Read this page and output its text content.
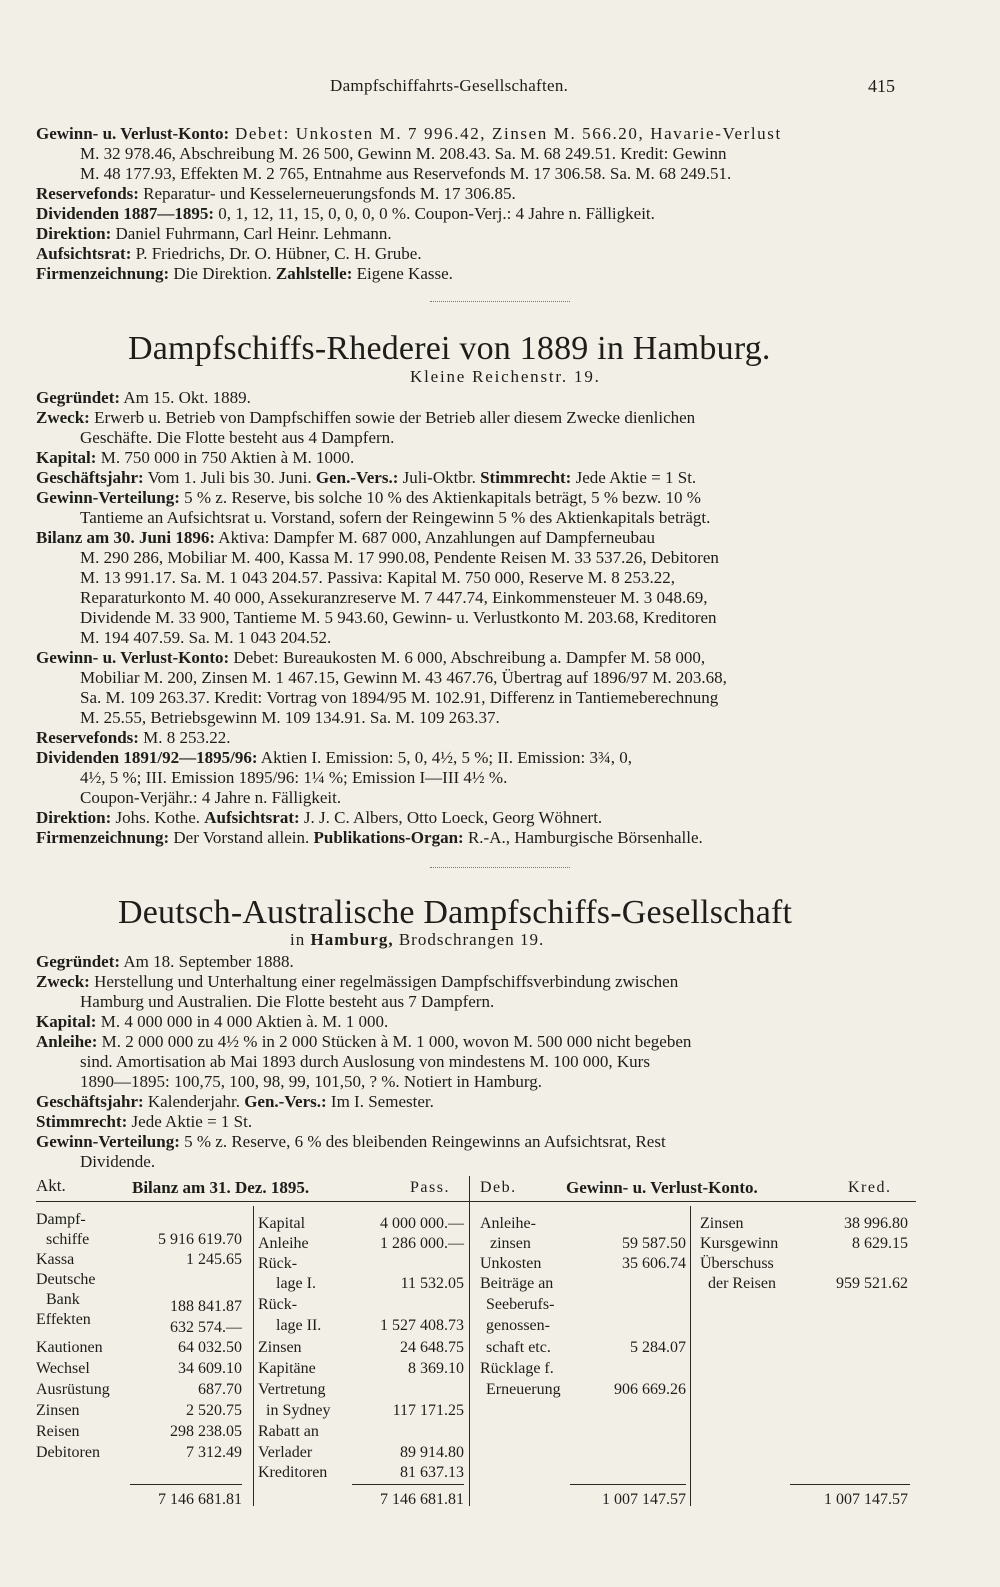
Dampfschiffahrts-Gesellschaften.	415
Gewinn- u. Verlust-Konto: Debet: Unkosten M. 7 996.42, Zinsen M. 566.20, Havarie-Verlust
M. 32 978.46, Abschreibung M. 26 500, Gewinn M. 208.43. Sa. M. 68 249.51. Kredit: Gewinn
M. 48 177.93, Effekten M. 2 765, Entnahme aus Reservefonds M. 17 306.58. Sa. M. 68 249.51.
Reservefonds: Reparatur- und Kesselerneuerungsfonds M. 17 306.85.
Dividenden 1887—1895: 0, 1, 12, 11, 15, 0, 0, 0, 0 %. Coupon-Verj.: 4 Jahre n. Fälligkeit.
Direktion: Daniel Fuhrmann, Carl Heinr. Lehmann.
Aufsichtsrat: P. Friedrichs, Dr. O. Hübner, C. H. Grube.
Firmenzeichnung: Die Direktion. Zahlstelle: Eigene Kasse.
Dampfschiffs-Rhederei von 1889 in Hamburg.
Kleine Reichenstr. 19.
Gegründet: Am 15. Okt. 1889.
Zweck: Erwerb u. Betrieb von Dampfschiffen sowie der Betrieb aller diesem Zwecke dienlichen
Geschäfte. Die Flotte besteht aus 4 Dampfern.
Kapital: M. 750 000 in 750 Aktien à M. 1000.
Geschäftsjahr: Vom 1. Juli bis 30. Juni. Gen.-Vers.: Juli-Oktbr. Stimmrecht: Jede Aktie = 1 St.
Gewinn-Verteilung: 5 % z. Reserve, bis solche 10 % des Aktienkapitals beträgt, 5 % bezw. 10 %
Tantieme an Aufsichtsrat u. Vorstand, sofern der Reingewinn 5 % des Aktienkapitals beträgt.
Bilanz am 30. Juni 1896: Aktiva: Dampfer M. 687 000, Anzahlungen auf Dampferneubau
M. 290 286, Mobiliar M. 400, Kassa M. 17 990.08, Pendente Reisen M. 33 537.26, Debitoren
M. 13 991.17. Sa. M. 1 043 204.57. Passiva: Kapital M. 750 000, Reserve M. 8 253.22,
Reparaturkonto M. 40 000, Assekuranzreserve M. 7 447.74, Einkommensteuer M. 3 048.69,
Dividende M. 33 900, Tantieme M. 5 943.60, Gewinn- u. Verlustkonto M. 203.68, Kreditoren
M. 194 407.59. Sa. M. 1 043 204.52.
Gewinn- u. Verlust-Konto: Debet: Bureaukosten M. 6 000, Abschreibung a. Dampfer M. 58 000,
Mobiliar M. 200, Zinsen M. 1 467.15, Gewinn M. 43 467.76, Übertrag auf 1896/97 M. 203.68,
Sa. M. 109 263.37. Kredit: Vortrag von 1894/95 M. 102.91, Differenz in Tantiemeberechnung
M. 25.55, Betriebsgewinn M. 109 134.91. Sa. M. 109 263.37.
Reservefonds: M. 8 253.22.
Dividenden 1891/92—1895/96: Aktien I. Emission: 5, 0, 4½, 5 %; II. Emission: 3¾, 0,
4½, 5 %; III. Emission 1895/96: 1¼ %; Emission I—III 4½ %.
Coupon-Verjähr.: 4 Jahre n. Fälligkeit.
Direktion: Johs. Kothe. Aufsichtsrat: J. J. C. Albers, Otto Loeck, Georg Wöhnert.
Firmenzeichnung: Der Vorstand allein. Publikations-Organ: R.-A., Hamburgische Börsenhalle.
Deutsch-Australische Dampfschiffs-Gesellschaft
in Hamburg, Brodschrangen 19.
Gegründet: Am 18. September 1888.
Zweck: Herstellung und Unterhaltung einer regelmässigen Dampfschiffsverbindung zwischen
Hamburg und Australien. Die Flotte besteht aus 7 Dampfern.
Kapital: M. 4 000 000 in 4 000 Aktien à. M. 1 000.
Anleihe: M. 2 000 000 zu 4½ % in 2 000 Stücken à M. 1 000, wovon M. 500 000 nicht begeben
sind. Amortisation ab Mai 1893 durch Auslosung von mindestens M. 100 000, Kurs
1890—1895: 100,75, 100, 98, 99, 101,50, ? %. Notiert in Hamburg.
Geschäftsjahr: Kalenderjahr. Gen.-Vers.: Im I. Semester.
Stimmrecht: Jede Aktie = 1 St.
Gewinn-Verteilung: 5 % z. Reserve, 6 % des bleibenden Reingewinns an Aufsichtsrat, Rest
Dividende.
Akt.	Bilanz am 31. Dez. 1895.	Pass. Deb.	Gewinn- u. Verlust-Konto.	Kred.
Dampf-
schiffe	5 916 619.70
Kassa	1 245.65
Deutsche
Bank	188 841.87
Effekten	632 574.—
Kautionen	64 032.50
Wechsel	34 609.10
Ausrüstung	687.70
Zinsen	2 520.75
Reisen	298 238.05
Debitoren	7 312.49
7 146 681.81
Kapital	4 000 000.—
Anleihe	1 286 000.—
Rück-
lage I.	11 532.05
Rück-
lage II.	1 527 408.73
Zinsen	24 648.75
Kapitäne	8 369.10
Vertretung
in Sydney	117 171.25
Rabatt an
Verlader	89 914.80
Kreditoren	81 637.13
7 146 681.81
Anleihe-
zinsen	59 587.50
Unkosten	35 606.74
Beiträge an
Seeberufs-
genossen-
schaft etc.	5 284.07
Rücklage f.
Erneuerung	906 669.26
1 007 147.57
Zinsen	38 996.80
Kursgewinn	8 629.15
Überschuss
der Reisen	959 521.62
1 007 147.57
